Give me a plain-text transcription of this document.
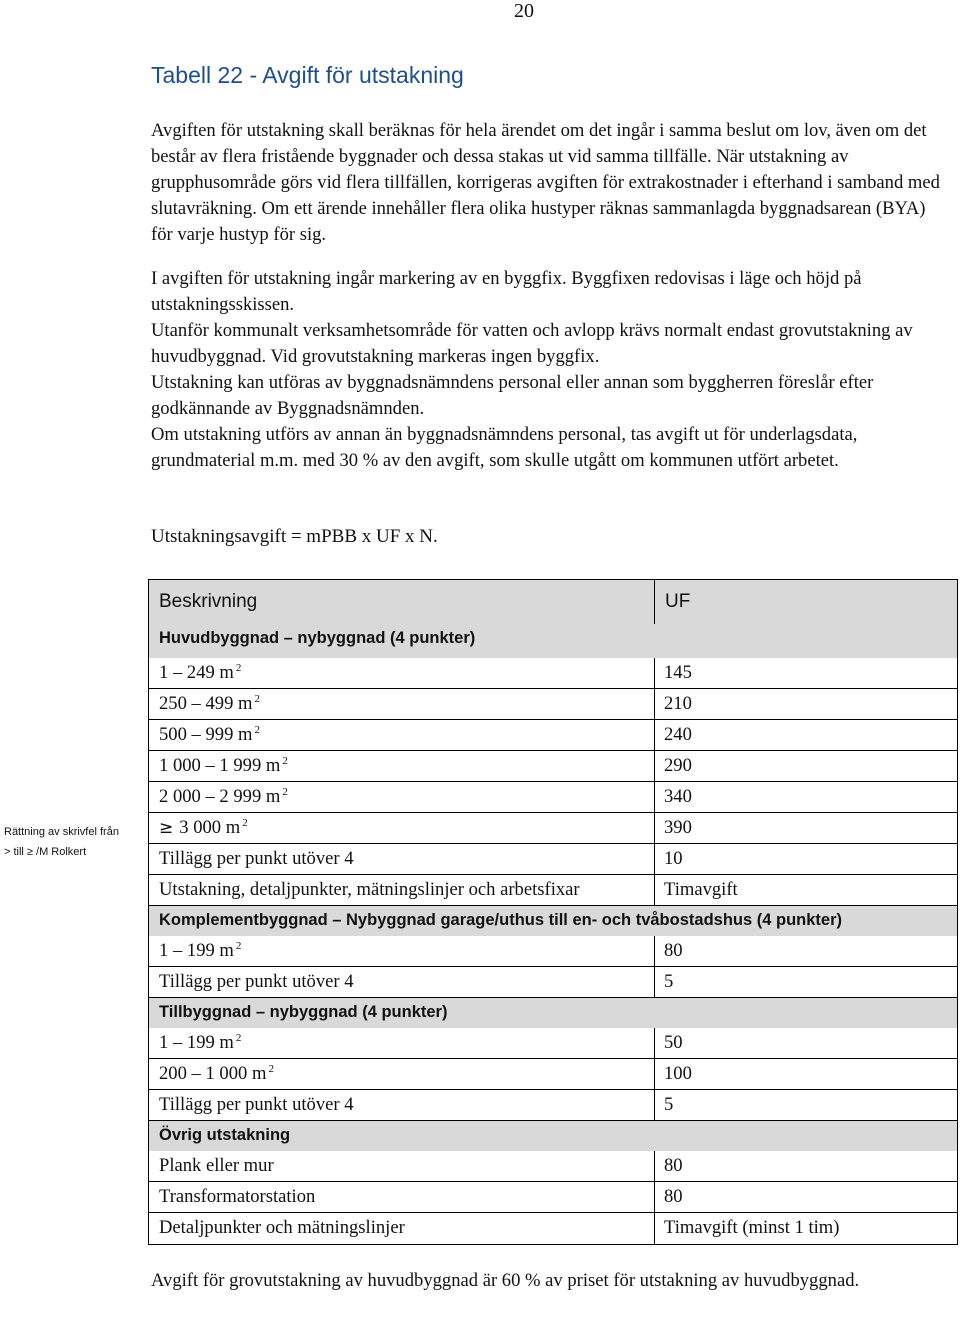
20
Tabell 22 - Avgift för utstakning

Avgiften för utstakning skall beräknas för hela ärendet om det ingår i samma beslut om lov, även om det består av flera fristående byggnader och dessa stakas ut vid samma tillfälle. När utstakning av grupphusområde görs vid flera tillfällen, korrigeras avgiften för extrakostnader i efterhand i samband med slutavräkning. Om ett ärende innehåller flera olika hustyper räknas sammanlagda byggnadsarean (BYA) för varje hustyp för sig.

I avgiften för utstakning ingår markering av en byggfix. Byggfixen redovisas i läge och höjd på utstakningsskissen.

Utanför kommunalt verksamhetsområde för vatten och avlopp krävs normalt endast grovutstakning av huvudbyggnad. Vid grovutstakning markeras ingen byggfix.

Utstakning kan utföras av byggnadsnämndens personal eller annan som byggherren föreslår efter godkännande av Byggnadsnämnden.

Om utstakning utförs av annan än byggnadsnämndens personal, tas avgift ut för underlagsdata, grundmaterial m.m. med 30 % av den avgift, som skulle utgått om kommunen utfört arbetet.

Utstakningsavgift = mPBB x UF x N.
Rättning av skrivfel från
> till ≥ /M Rolkert
Beskrivning	UF
Huvudbyggnad – nybyggnad (4 punkter)
1 – 249 m $^2$	145
250 – 499 m $^2$	210
500 – 999 m $^2$	240
1 000 – 1 999 m $^2$	290
2 000 – 2 999 m $^2$	340
≥ 3 000 m $^2$	390
Tillägg per punkt utöver 4	10
Utstakning, detaljpunkter, mätningslinjer och arbetsfixar	Timavgift
Komplementbyggnad – Nybyggnad garage/uthus till en- och tvåbostadshus (4 punkter)
1 – 199 m $^2$	80
Tillägg per punkt utöver 4	5
Tillbyggnad – nybyggnad (4 punkter)
1 – 199 m $^2$	50
200 – 1 000 m $^2$	100
Tillägg per punkt utöver 4	5
Övrig utstakning
Plank eller mur	80
Transformatorstation	80
Detaljpunkter och mätningslinjer	Timavgift (minst 1 tim)

Avgift för grovutstakning av huvudbyggnad är 60 % av priset för utstakning av huvudbyggnad.
